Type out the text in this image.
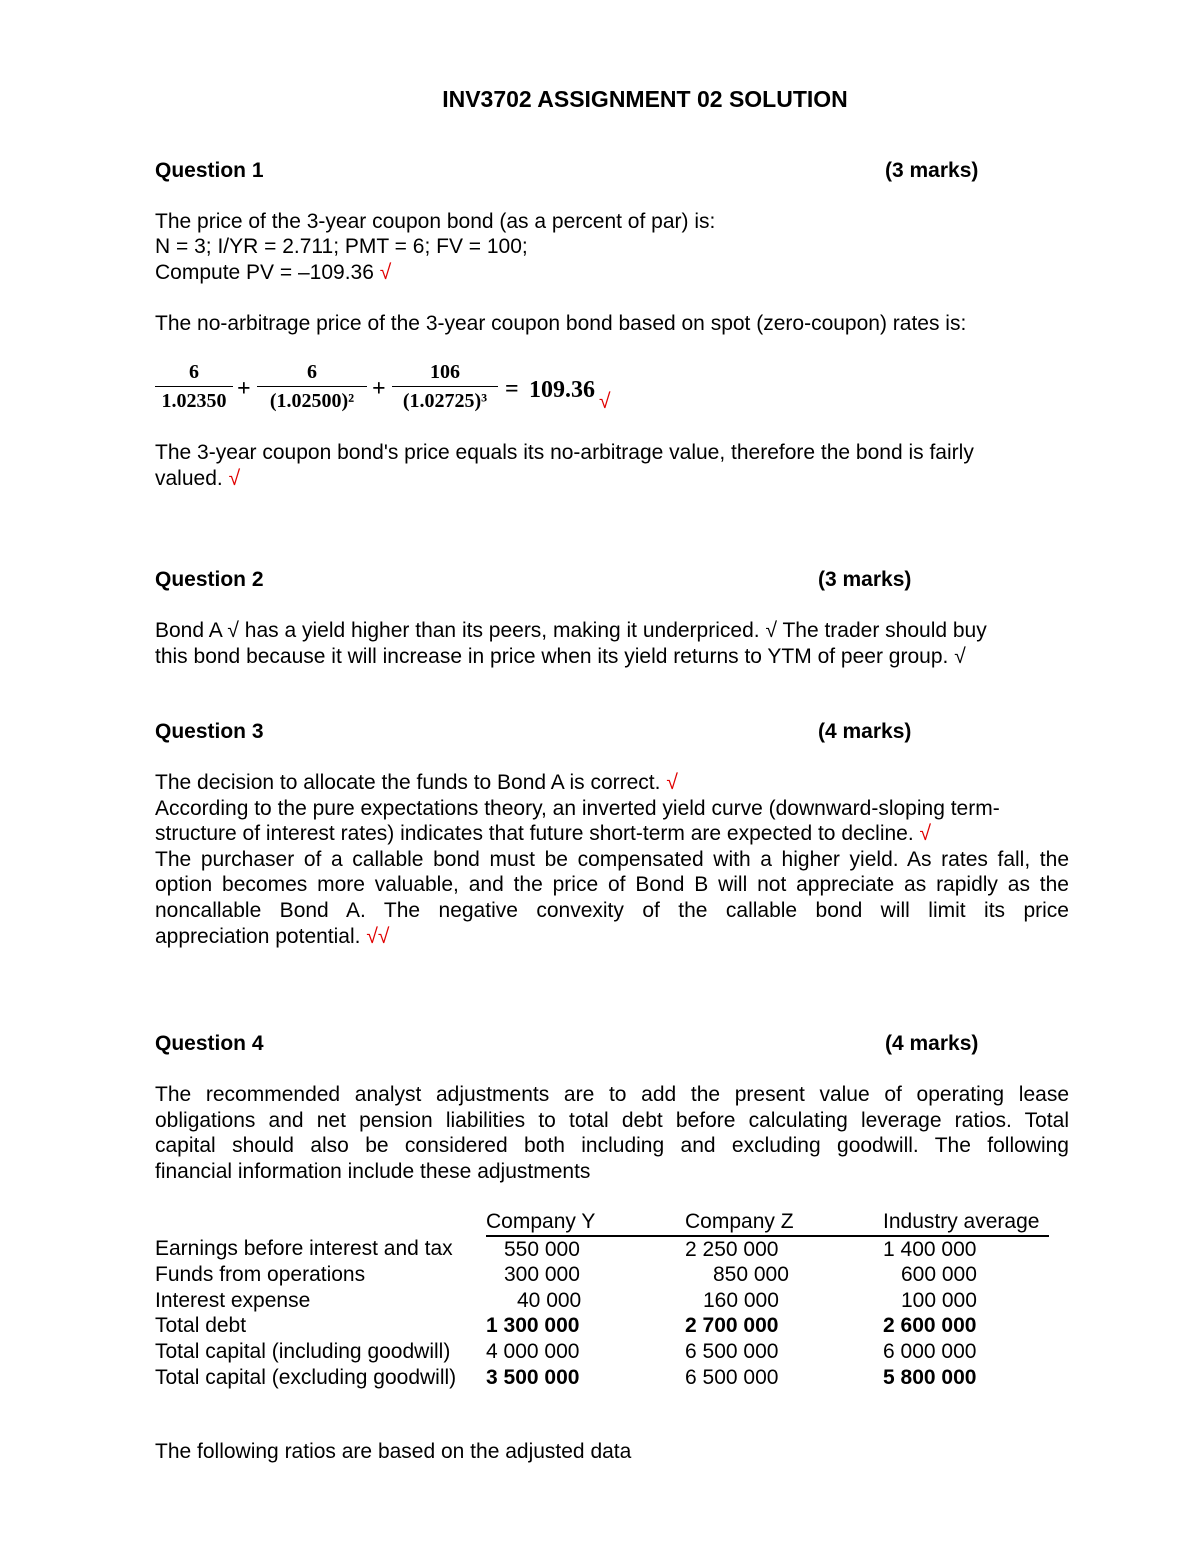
INV3702 ASSIGNMENT 02 SOLUTION
Question 1	(3 marks)
The price of the 3-year coupon bond (as a percent of par) is:
N = 3; I/YR = 2.711; PMT = 6; FV = 100;
Compute PV = –109.36 √
The no-arbitrage price of the 3-year coupon bond based on spot (zero-coupon) rates is:
$\frac{6}{1.02350} + \frac{6}{\text{(1.02500)²}} + \frac{106}{\text{(1.02725)³}} = 109.36$ √
The 3-year coupon bond's price equals its no-arbitrage value, therefore the bond is fairly
valued. √
Question 2	(3 marks)
Bond A √ has a yield higher than its peers, making it underpriced. √ The trader should buy
this bond because it will increase in price when its yield returns to YTM of peer group. √
Question 3	(4 marks)
The decision to allocate the funds to Bond A is correct. √
According to the pure expectations theory, an inverted yield curve (downward-sloping term-
structure of interest rates) indicates that future short-term are expected to decline. √
The purchaser of a callable bond must be compensated with a higher yield. As rates fall, the
option becomes more valuable, and the price of Bond B will not appreciate as rapidly as the
noncallable Bond A. The negative convexity of the callable bond will limit its price
appreciation potential. √√
Question 4	(4 marks)
The recommended analyst adjustments are to add the present value of operating lease
obligations and net pension liabilities to total debt before calculating leverage ratios. Total
capital should also be considered both including and excluding goodwill. The following
financial information include these adjustments
	Company Y	Company Z	Industry average
Earnings before interest and tax	550 000	2 250 000	1 400 000
Funds from operations	300 000	850 000	600 000
Interest expense	40 000	160 000	100 000
Total debt	1 300 000	2 700 000	2 600 000
Total capital (including goodwill)	4 000 000	6 500 000	6 000 000
Total capital (excluding goodwill)	3 500 000	6 500 000	5 800 000
The following ratios are based on the adjusted data
